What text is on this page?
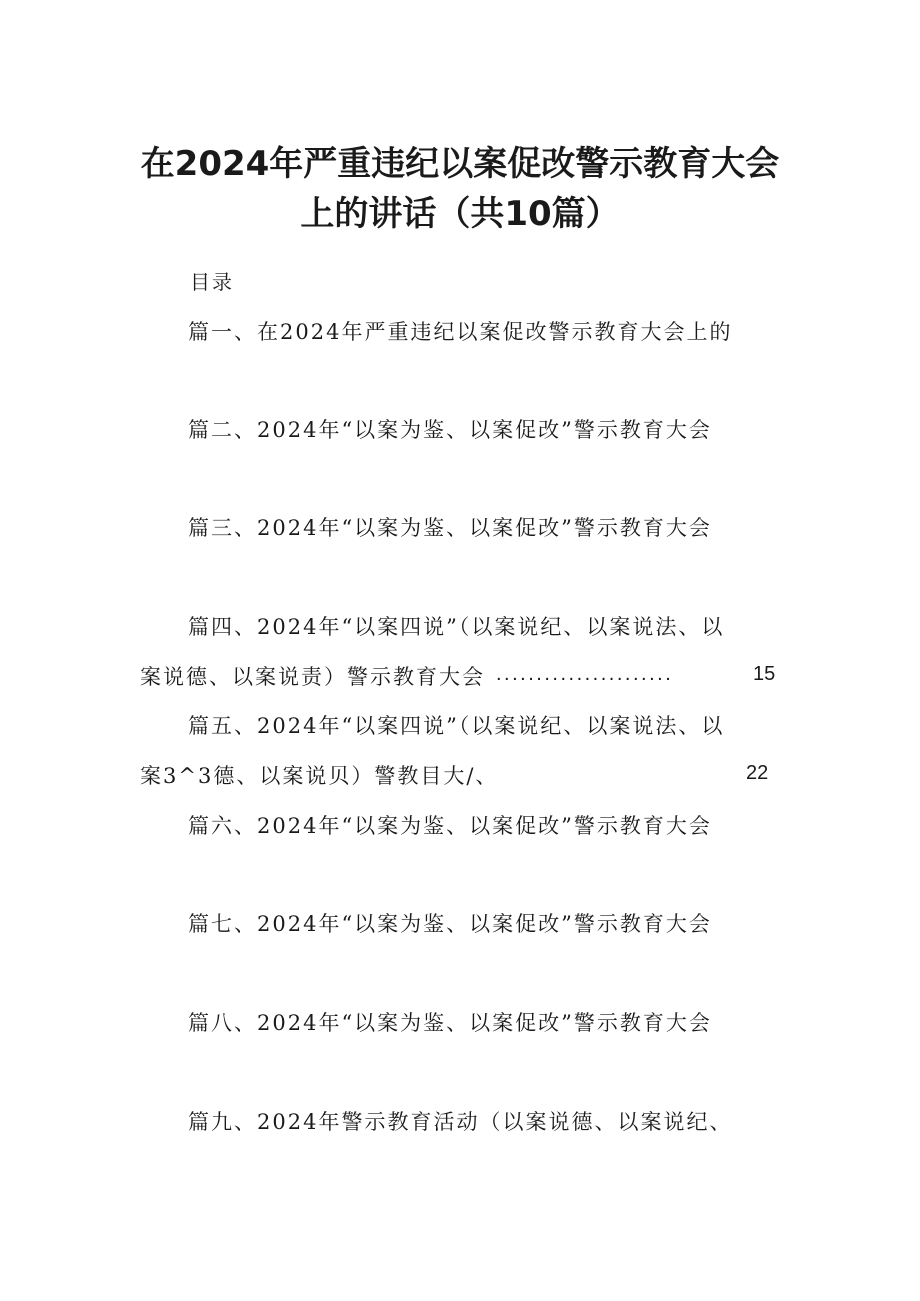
在2024年严重违纪以案促改警示教育大会
上的讲话（共10篇）
目录
篇一、在2024年严重违纪以案促改警示教育大会上的
篇二、2024年“以案为鉴、以案促改”警示教育大会
篇三、2024年“以案为鉴、以案促改”警示教育大会
篇四、2024年“以案四说”（以案说纪、以案说法、以
案说德、以案说责）警示教育大会 ......................	15
篇五、2024年“以案四说”（以案说纪、以案说法、以
案3^3德、以案说贝）警教目大/、	22
篇六、2024年“以案为鉴、以案促改”警示教育大会
篇七、2024年“以案为鉴、以案促改”警示教育大会
篇八、2024年“以案为鉴、以案促改”警示教育大会
篇九、2024年警示教育活动（以案说德、以案说纪、
